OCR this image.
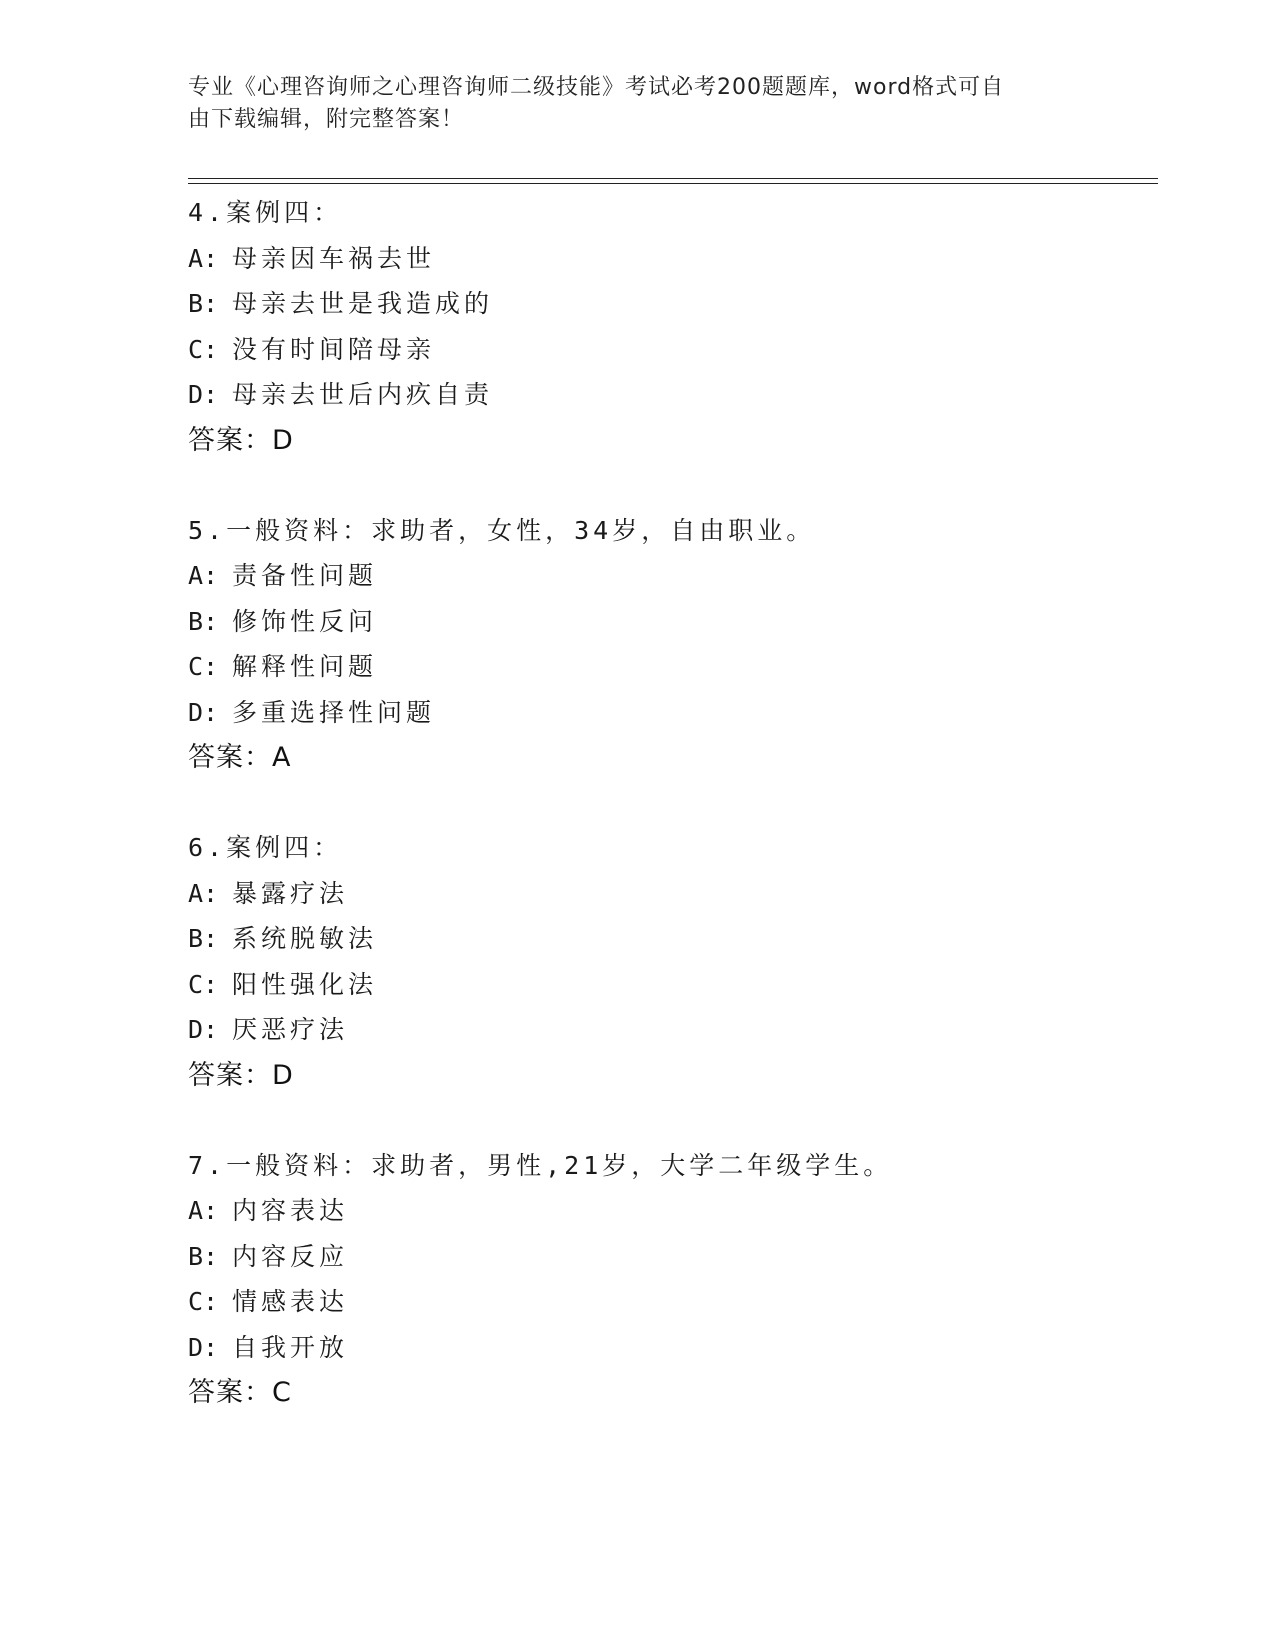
专业《心理咨询师之心理咨询师二级技能》考试必考200题题库，word格式可自
由下载编辑，附完整答案！
4.案例四：
A: 母亲因车祸去世
B: 母亲去世是我造成的
C: 没有时间陪母亲
D: 母亲去世后内疚自责
答案：D
5.一般资料：求助者，女性，34岁，自由职业。
A: 责备性问题
B: 修饰性反问
C: 解释性问题
D: 多重选择性问题
答案：A
6.案例四：
A: 暴露疗法
B: 系统脱敏法
C: 阳性强化法
D: 厌恶疗法
答案：D
7.一般资料：求助者，男性,21岁，大学二年级学生。
A: 内容表达
B: 内容反应
C: 情感表达
D: 自我开放
答案：C
